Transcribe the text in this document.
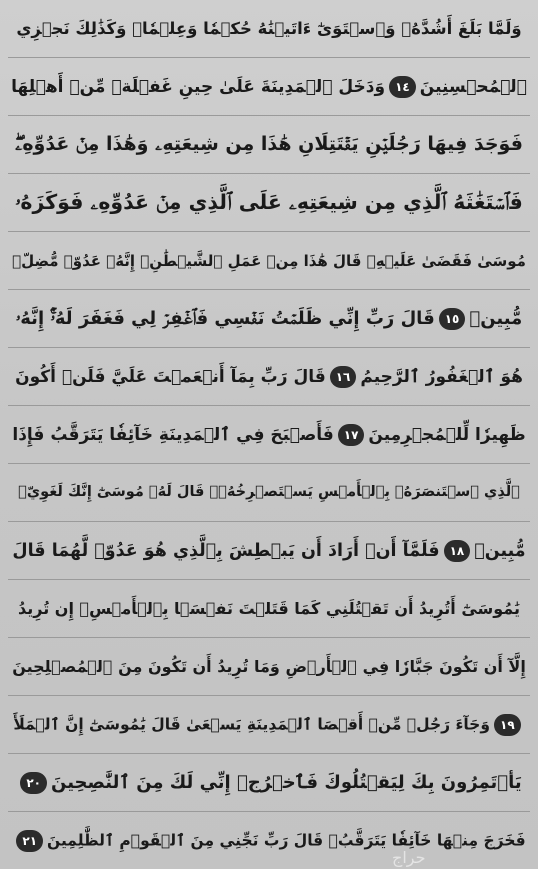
وَلَمَّا بَلَغَ أَشُدَّهُۥ وَٱسۡتَوَىٰٓ ءَاتَيۡنَٰهُ حُكۡمٗا وَعِلۡمٗاۚ وَكَذَٰلِكَ نَجۡزِي
ٱلۡمُحۡسِنِينَ١٤وَدَخَلَ ٱلۡمَدِينَةَ عَلَىٰ حِينِ غَفۡلَةٖ مِّنۡ أَهۡلِهَا
فَوَجَدَ فِيهَا رَجُلَيۡنِ يَقۡتَتِلَانِ هَٰذَا مِن شِيعَتِهِۦ وَهَٰذَا مِنۡ عَدُوِّهِۦۖ
فَٱسۡتَغَٰثَهُ ٱلَّذِي مِن شِيعَتِهِۦ عَلَى ٱلَّذِي مِنۡ عَدُوِّهِۦ فَوَكَزَهُۥ
مُوسَىٰ فَقَضَىٰ عَلَيۡهِۖ قَالَ هَٰذَا مِنۡ عَمَلِ ٱلشَّيۡطَٰنِۖ إِنَّهُۥ عَدُوّٞ مُّضِلّٞ
مُّبِينٞ١٥قَالَ رَبِّ إِنِّي ظَلَمۡتُ نَفۡسِي فَٱغۡفِرۡ لِي فَغَفَرَ لَهُۥٓۚ إِنَّهُۥ
هُوَ ٱلۡغَفُورُ ٱلرَّحِيمُ١٦قَالَ رَبِّ بِمَآ أَنۡعَمۡتَ عَلَيَّ فَلَنۡ أَكُونَ
ظَهِيرٗا لِّلۡمُجۡرِمِينَ١٧فَأَصۡبَحَ فِي ٱلۡمَدِينَةِ خَآئِفٗا يَتَرَقَّبُ فَإِذَا
ٱلَّذِي ٱسۡتَنصَرَهُۥ بِٱلۡأَمۡسِ يَسۡتَصۡرِخُهُۥۚ قَالَ لَهُۥ مُوسَىٰٓ إِنَّكَ لَغَوِيّٞ
مُّبِينٞ١٨فَلَمَّآ أَنۡ أَرَادَ أَن يَبۡطِشَ بِٱلَّذِي هُوَ عَدُوّٞ لَّهُمَا قَالَ
يَٰمُوسَىٰٓ أَتُرِيدُ أَن تَقۡتُلَنِي كَمَا قَتَلۡتَ نَفۡسَۢا بِٱلۡأَمۡسِۖ إِن تُرِيدُ
إِلَّآ أَن تَكُونَ جَبَّارٗا فِي ٱلۡأَرۡضِ وَمَا تُرِيدُ أَن تَكُونَ مِنَ ٱلۡمُصۡلِحِينَ
١٩وَجَآءَ رَجُلٞ مِّنۡ أَقۡصَا ٱلۡمَدِينَةِ يَسۡعَىٰ قَالَ يَٰمُوسَىٰٓ إِنَّ ٱلۡمَلَأَ
يَأۡتَمِرُونَ بِكَ لِيَقۡتُلُوكَ فَٱخۡرُجۡ إِنِّي لَكَ مِنَ ٱلنَّٰصِحِينَ٢٠
فَخَرَجَ مِنۡهَا خَآئِفٗا يَتَرَقَّبُۖ قَالَ رَبِّ نَجِّنِي مِنَ ٱلۡقَوۡمِ ٱلظَّٰلِمِينَ٢١
حراج
